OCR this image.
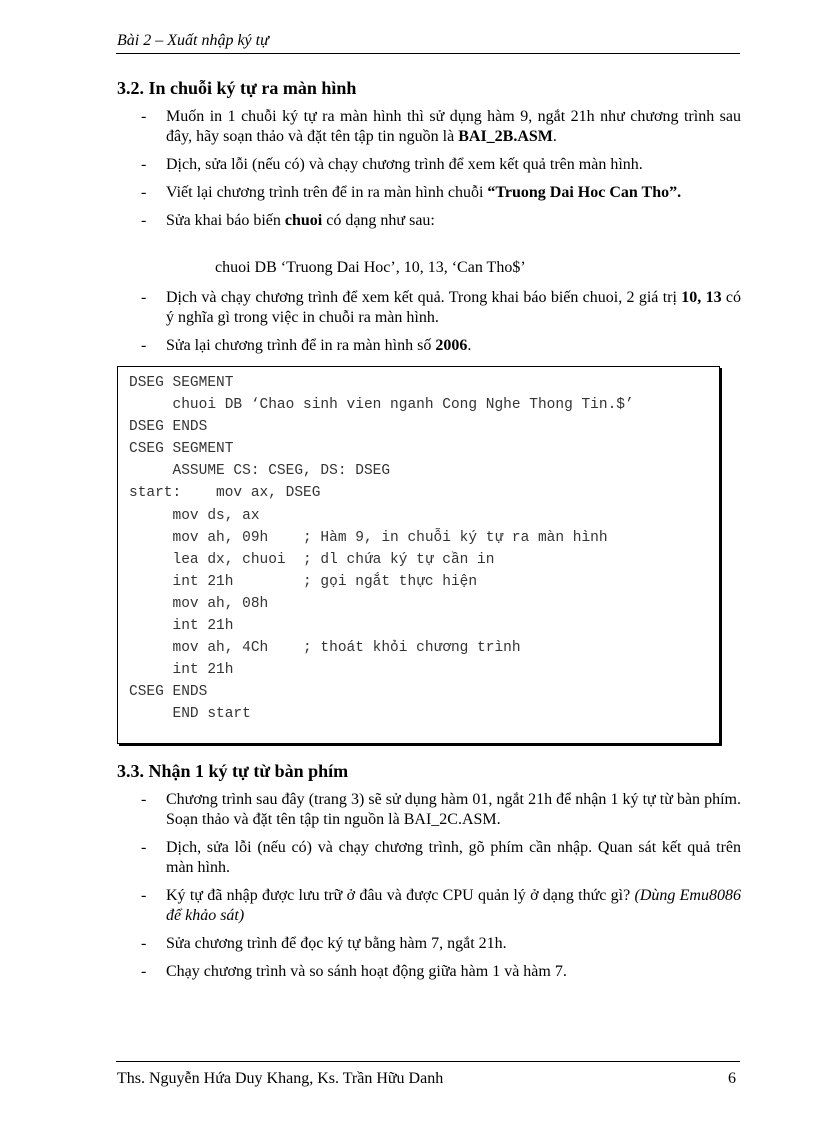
Bài 2 – Xuất nhập ký tự
3.2. In chuỗi ký tự ra màn hình
- Muốn in 1 chuỗi ký tự ra màn hình thì sử dụng hàm 9, ngắt 21h như chương trình sau đây, hãy soạn thảo và đặt tên tập tin nguồn là BAI_2B.ASM.
- Dịch, sửa lỗi (nếu có) và chạy chương trình để xem kết quả trên màn hình.
- Viết lại chương trình trên để in ra màn hình chuỗi “Truong Dai Hoc Can Tho”.
- Sửa khai báo biến chuoi có dạng như sau:
chuoi DB ‘Truong Dai Hoc’, 10, 13, ‘Can Tho$’
- Dịch và chạy chương trình để xem kết quả. Trong khai báo biến chuoi, 2 giá trị 10, 13 có ý nghĩa gì trong việc in chuỗi ra màn hình.
- Sửa lại chương trình để in ra màn hình số 2006.
DSEG SEGMENT
chuoi DB ‘Chao sinh vien nganh Cong Nghe Thong Tin.$’
DSEG ENDS
CSEG SEGMENT
ASSUME CS: CSEG, DS: DSEG
start:    mov ax, DSEG
mov ds, ax
mov ah, 09h    ; Hàm 9, in chuỗi ký tự ra màn hình
lea dx, chuoi  ; dl chứa ký tự cần in
int 21h        ; gọi ngắt thực hiện
mov ah, 08h
int 21h
mov ah, 4Ch    ; thoát khỏi chương trình
int 21h
CSEG ENDS
END start
3.3. Nhận 1 ký tự từ bàn phím
- Chương trình sau đây (trang 3) sẽ sử dụng hàm 01, ngắt 21h để nhận 1 ký tự từ bàn phím. Soạn thảo và đặt tên tập tin nguồn là BAI_2C.ASM.
- Dịch, sửa lỗi (nếu có) và chạy chương trình, gõ phím cần nhập. Quan sát kết quả trên màn hình.
- Ký tự đã nhập được lưu trữ ở đâu và được CPU quản lý ở dạng thức gì? (Dùng Emu8086 để khảo sát)
- Sửa chương trình để đọc ký tự bằng hàm 7, ngắt 21h.
- Chạy chương trình và so sánh hoạt động giữa hàm 1 và hàm 7.
Ths. Nguyễn Hứa Duy Khang, Ks. Trần Hữu Danh	6
